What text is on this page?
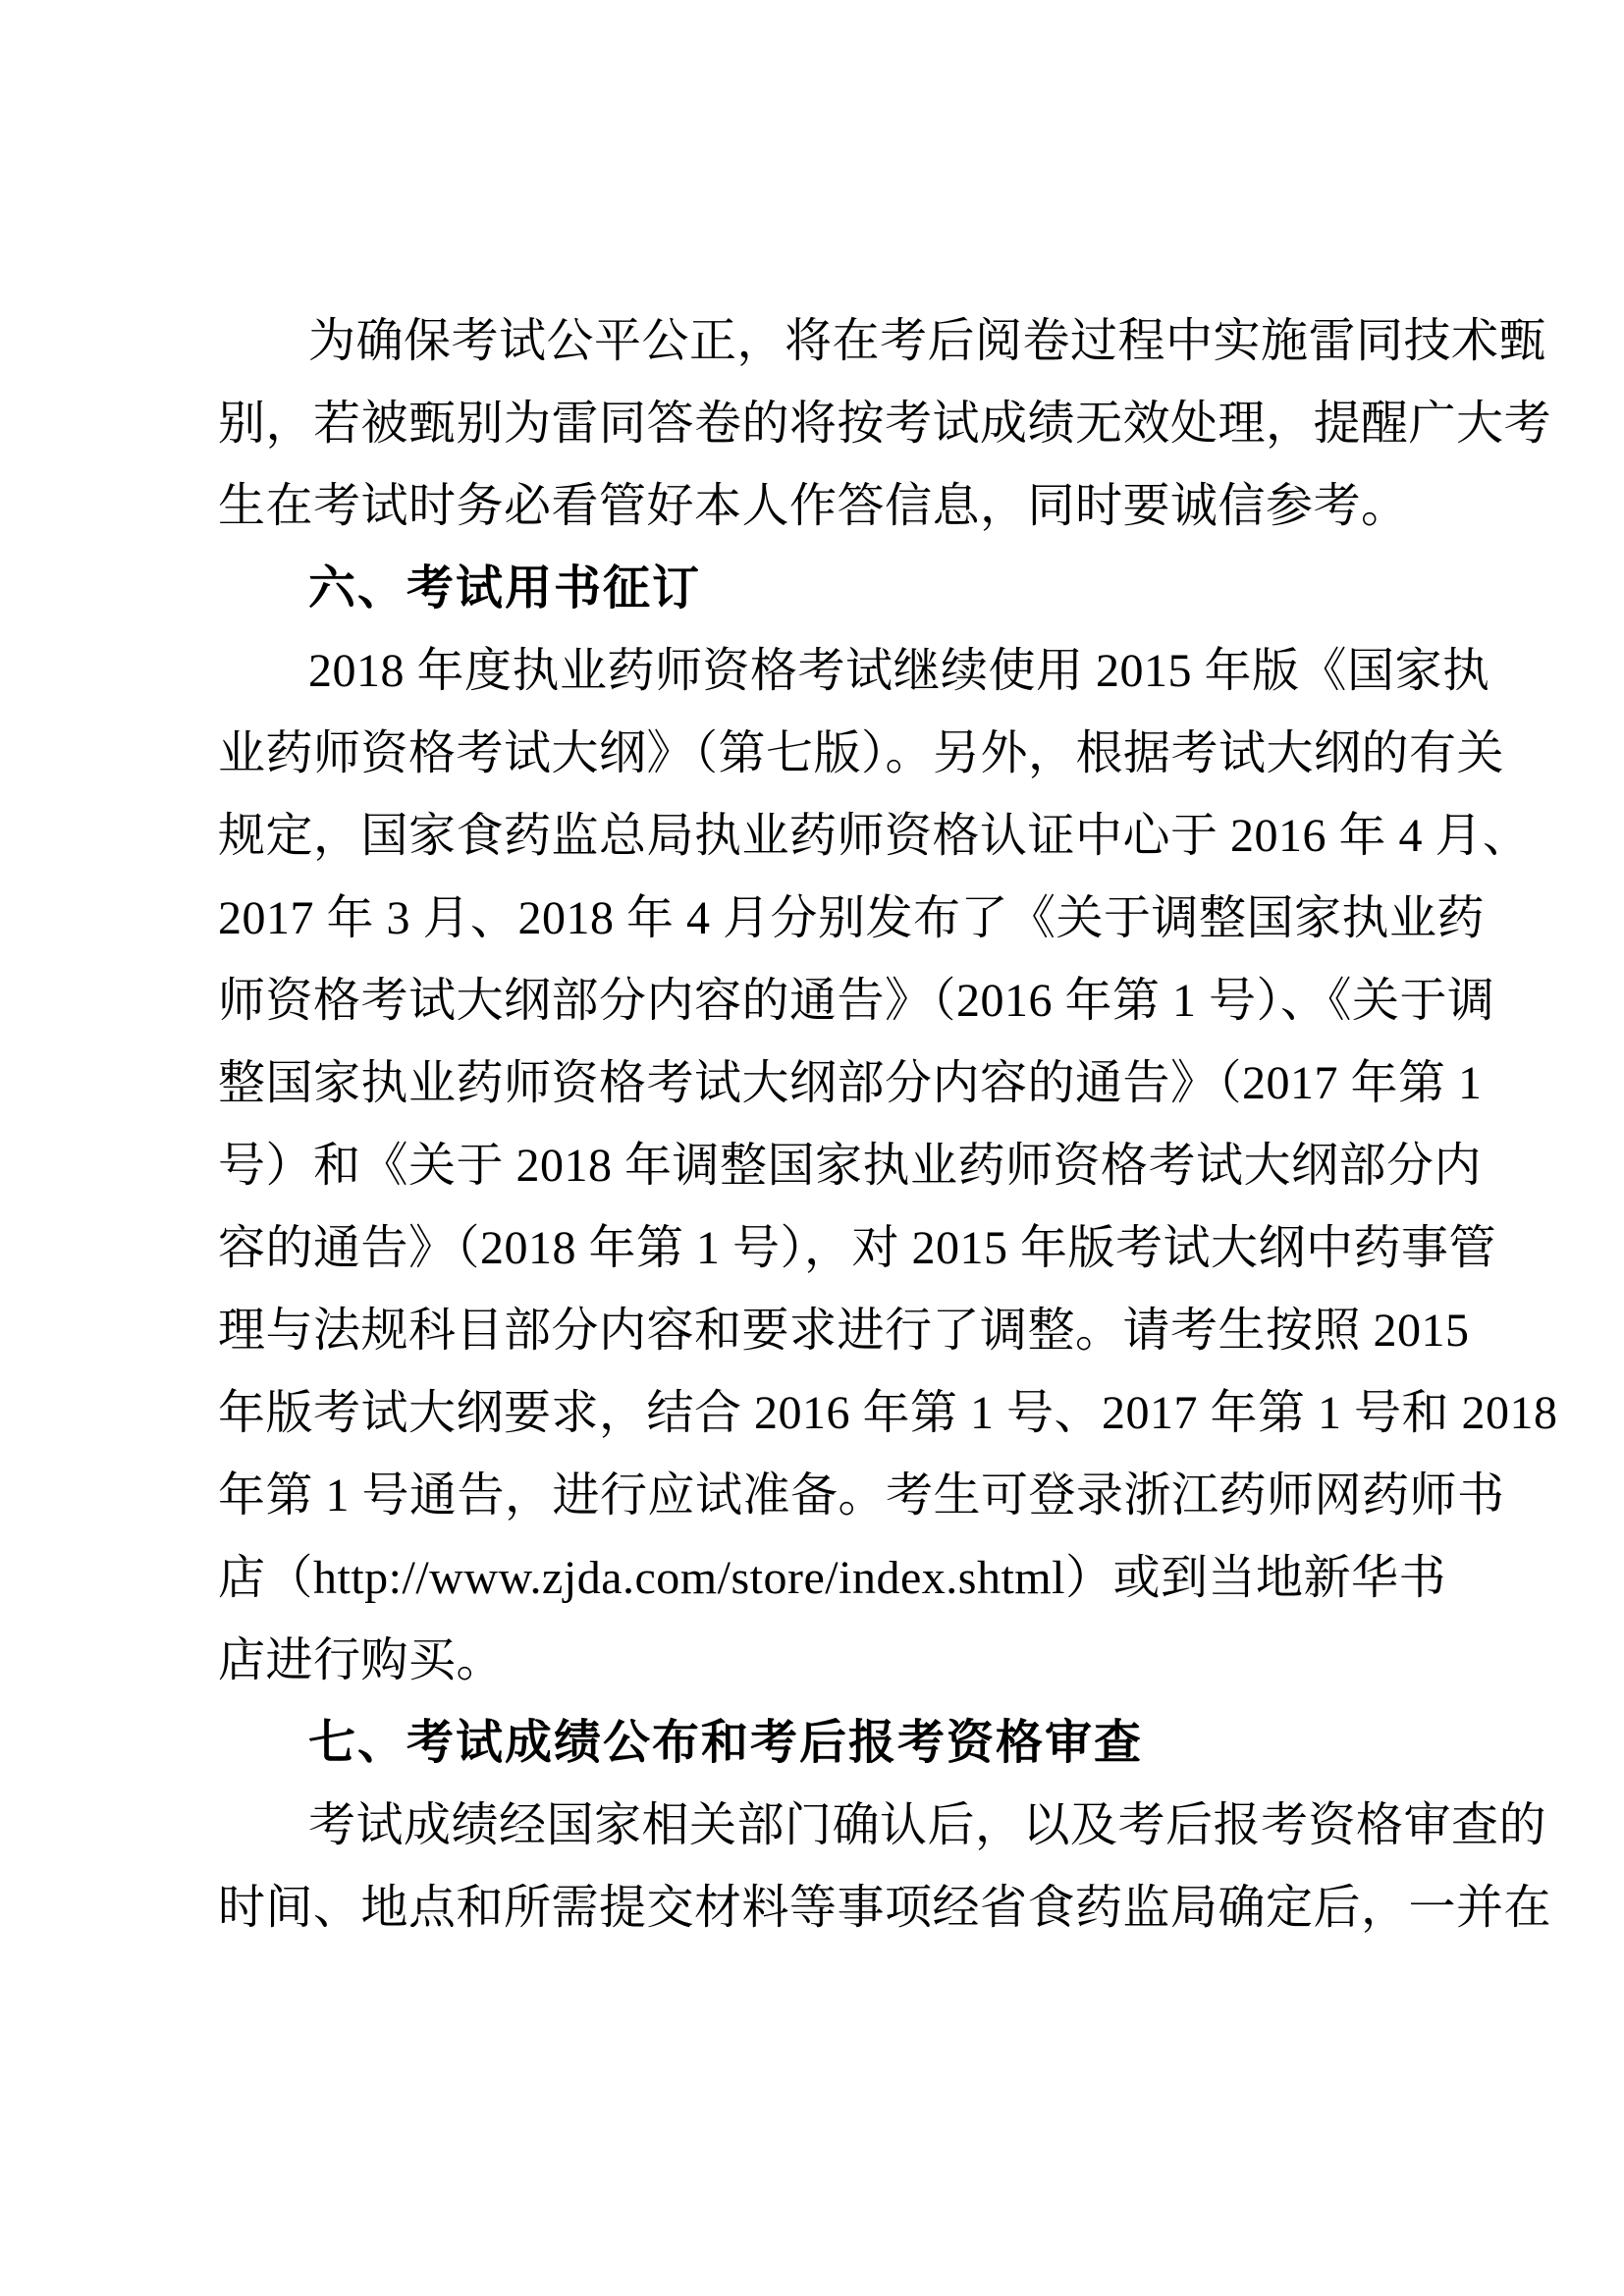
为确保考试公平公正，将在考后阅卷过程中实施雷同技术甄
别，若被甄别为雷同答卷的将按考试成绩无效处理，提醒广大考
生在考试时务必看管好本人作答信息，同时要诚信参考。
六、考试用书征订
2018 年度执业药师资格考试继续使用 2015 年版《国家执
业药师资格考试大纲》（第七版）。另外，根据考试大纲的有关
规定，国家食药监总局执业药师资格认证中心于 2016 年 4 月、
2017 年 3 月、2018 年 4 月分别发布了《关于调整国家执业药
师资格考试大纲部分内容的通告》（2016 年第 1 号）、《关于调
整国家执业药师资格考试大纲部分内容的通告》（2017 年第 1
号）和《关于 2018 年调整国家执业药师资格考试大纲部分内
容的通告》（2018 年第 1 号），对 2015 年版考试大纲中药事管
理与法规科目部分内容和要求进行了调整。请考生按照 2015
年版考试大纲要求，结合 2016 年第 1 号、2017 年第 1 号和 2018
年第 1 号通告，进行应试准备。考生可登录浙江药师网药师书
店（http://www.zjda.com/store/index.shtml）或到当地新华书
店进行购买。
七、考试成绩公布和考后报考资格审查
考试成绩经国家相关部门确认后，以及考后报考资格审查的
时间、地点和所需提交材料等事项经省食药监局确定后，一并在
